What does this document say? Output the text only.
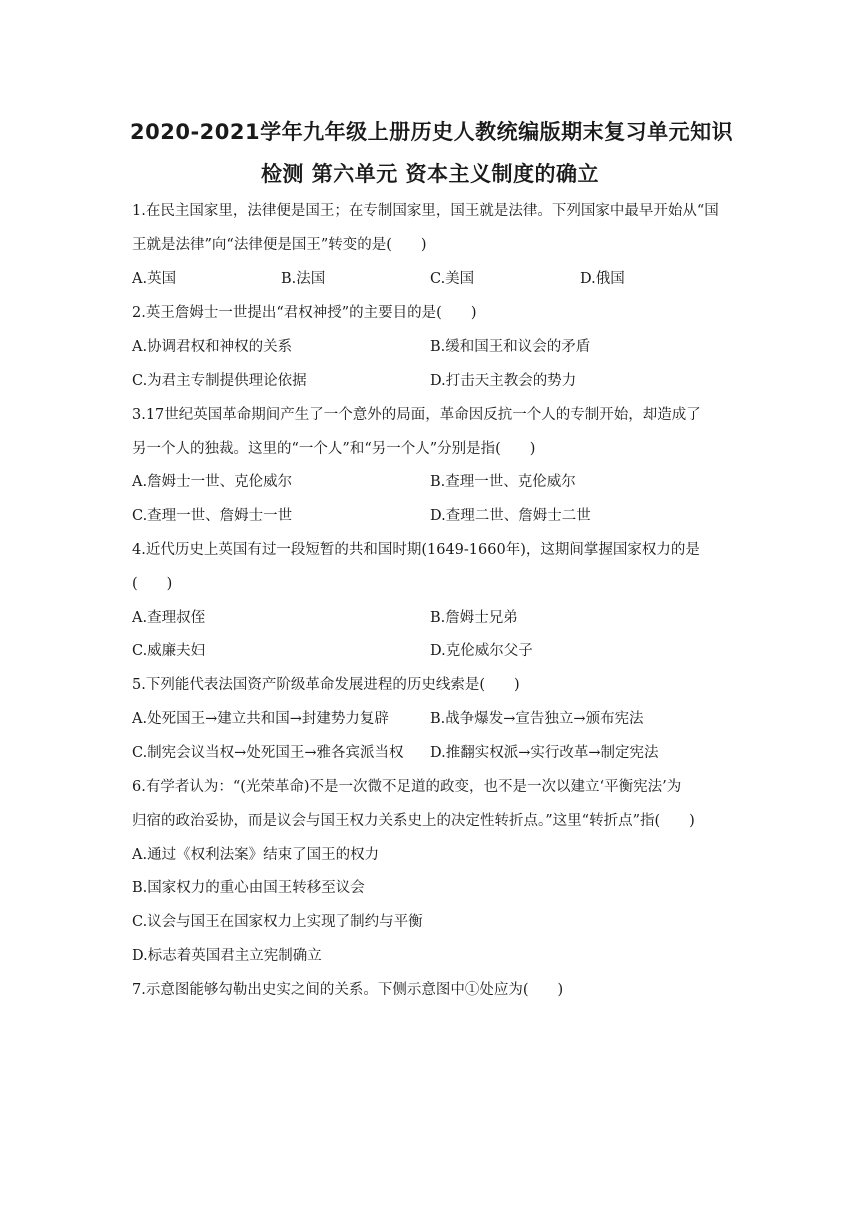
2020-2021学年九年级上册历史人教统编版期末复习单元知识
检测 第六单元 资本主义制度的确立
1.在民主国家里，法律便是国王；在专制国家里，国王就是法律。下列国家中最早开始从“国
王就是法律”向“法律便是国王”转变的是(　　)
A.英国	B.法国	C.美国	D.俄国
2.英王詹姆士一世提出“君权神授”的主要目的是(　　)
A.协调君权和神权的关系	B.缓和国王和议会的矛盾
C.为君主专制提供理论依据	D.打击天主教会的势力
3.17世纪英国革命期间产生了一个意外的局面，革命因反抗一个人的专制开始，却造成了
另一个人的独裁。这里的“一个人”和“另一个人”分别是指(　　)
A.詹姆士一世、克伦威尔	B.查理一世、克伦威尔
C.查理一世、詹姆士一世	D.查理二世、詹姆士二世
4.近代历史上英国有过一段短暂的共和国时期(1649-1660年)，这期间掌握国家权力的是
(　　)
A.查理叔侄	B.詹姆士兄弟
C.威廉夫妇	D.克伦威尔父子
5.下列能代表法国资产阶级革命发展进程的历史线索是(　　)
A.处死国王→建立共和国→封建势力复辟	B.战争爆发→宣告独立→颁布宪法
C.制宪会议当权→处死国王→雅各宾派当权 D.推翻实权派→实行改革→制定宪法
6.有学者认为：“(光荣革命)不是一次微不足道的政变，也不是一次以建立‘平衡宪法’为
归宿的政治妥协，而是议会与国王权力关系史上的决定性转折点。”这里“转折点”指(　　)
A.通过《权利法案》结束了国王的权力
B.国家权力的重心由国王转移至议会
C.议会与国王在国家权力上实现了制约与平衡
D.标志着英国君主立宪制确立
7.示意图能够勾勒出史实之间的关系。下侧示意图中①处应为(　　)
